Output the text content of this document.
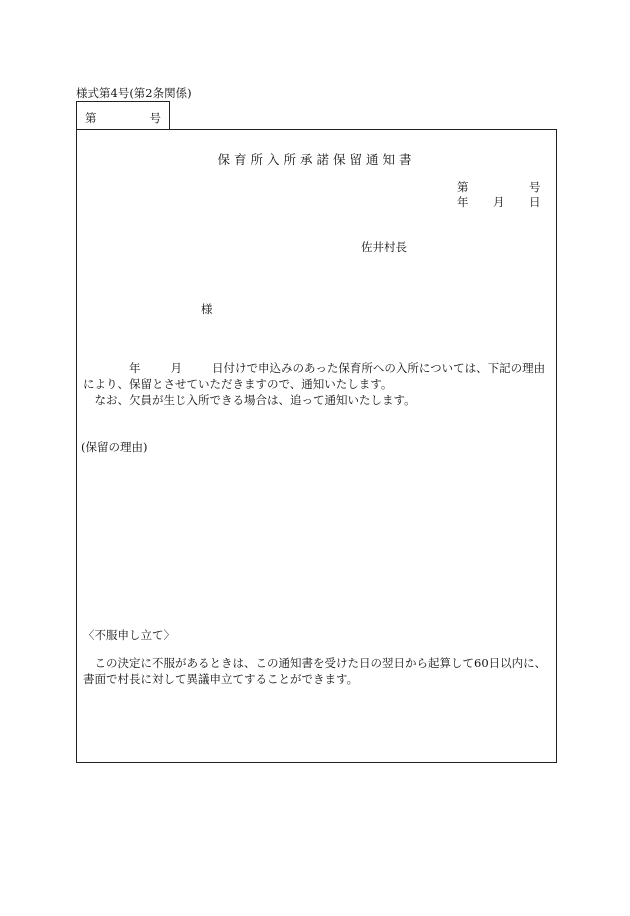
様式第4号(第2条関係)
第	号
保育所入所承諾保留通知書
第	号
年 月 日
佐井村長
様

年	月	日付けで申込みのあった保育所への入所については、下記の理由により、保留とさせていただきますので、通知いたします。

なお、欠員が生じ入所できる場合は、追って通知いたします。

(保留の理由)
〈不服申し立て〉

この決定に不服があるときは、この通知書を受けた日の翌日から起算して60日以内に、書面で村長に対して異議申立てすることができます。
